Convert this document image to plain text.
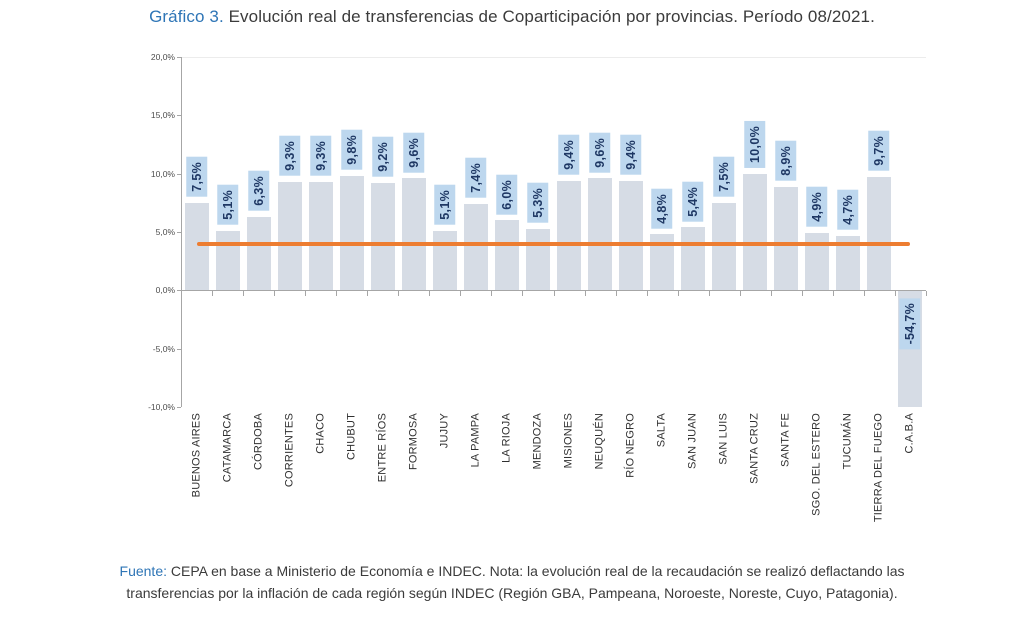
Gráfico 3. Evolución real de transferencias de Coparticipación por provincias. Período 08/2021.
20,0%
15,0%
10,0%
5,0%
0,0%
-5,0%
-10,0%
7,5%
5,1% 6,3%
9,3% 9,3% 9,8% 9,2% 9,6%
5,1%
7,4%
6,0% 5,3%
9,4% 9,6% 9,4%
4,8% 5,4%
7,5%
10,0% 8,9%
4,9% 4,7%
9,7%
-54,7%
BUENOS AIRES CATAMARCA CÓRDOBA CORRIENTES CHACO CHUBUT ENTRE RÍOS FORMOSA JUJUY LA PAMPA LA RIOJA MENDOZA MISIONES NEUQUÉN RÍO NEGRO SALTA SAN JUAN SAN LUIS SANTA CRUZ SANTA FE SGO. DEL ESTERO TUCUMÁN TIERRA DEL FUEGO C.A.B.A
Fuente: CEPA en base a Ministerio de Economía e INDEC. Nota: la evolución real de la recaudación se realizó deflactando las transferencias por la inflación de cada región según INDEC (Región GBA, Pampeana, Noroeste, Noreste, Cuyo, Patagonia).
